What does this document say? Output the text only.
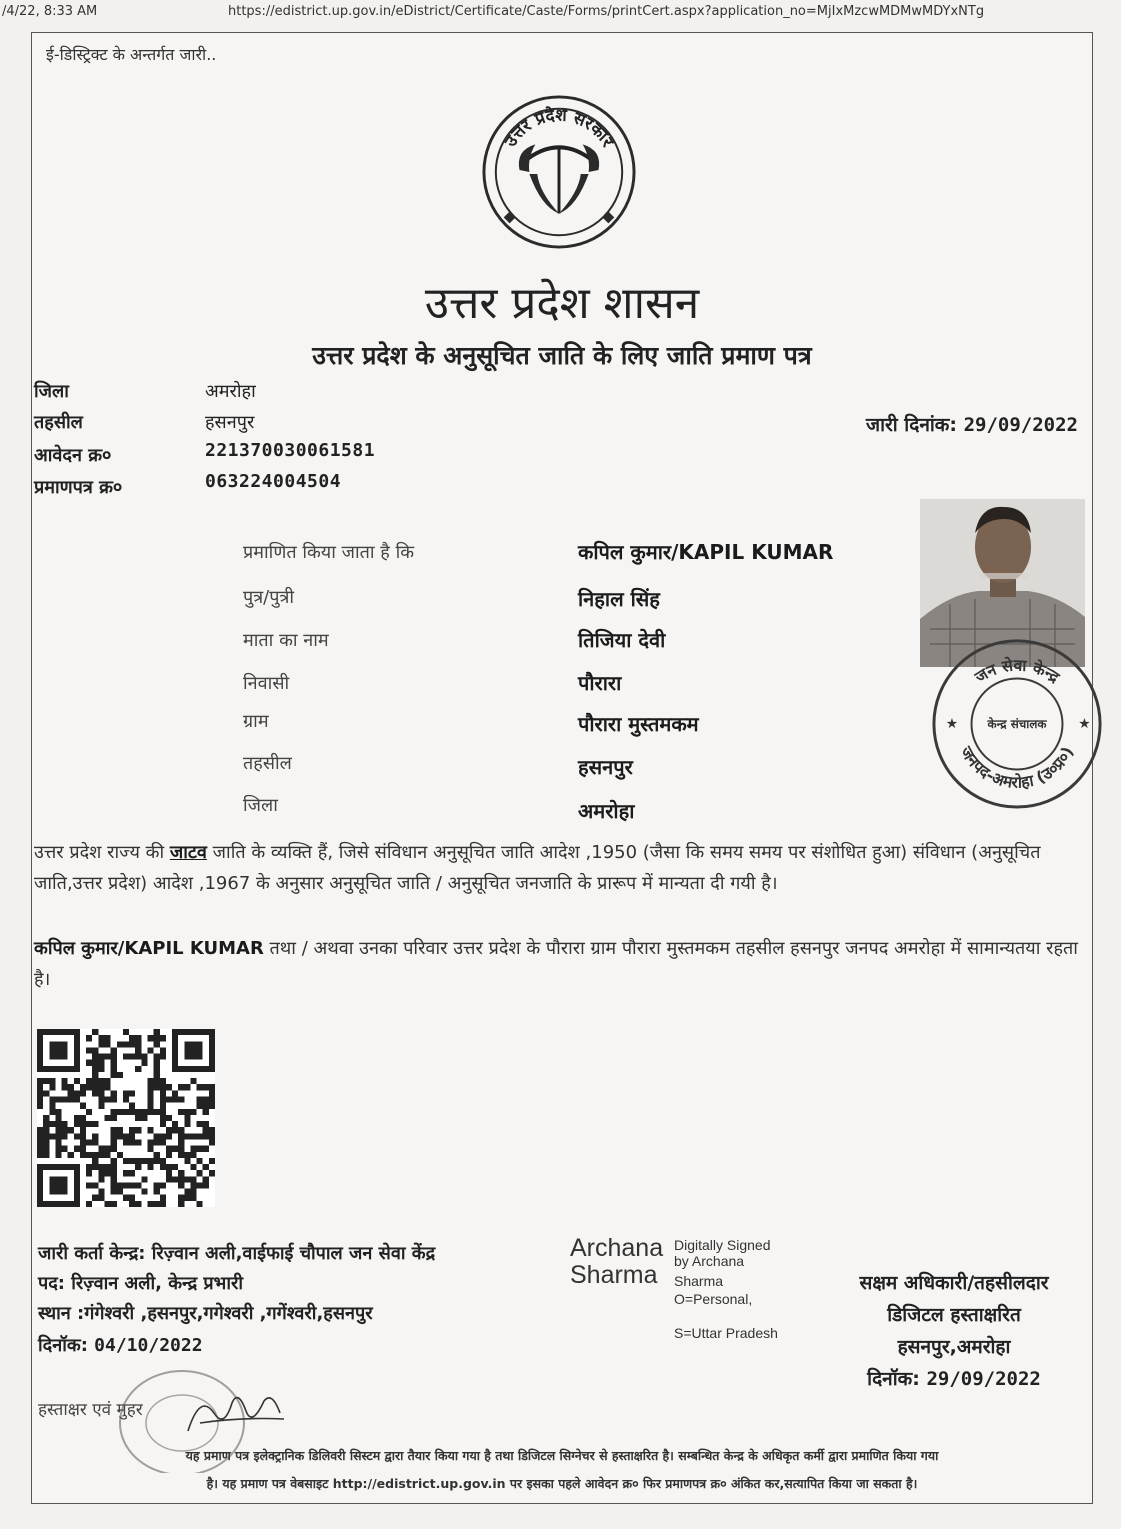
/4/22, 8:33 AM	https://edistrict.up.gov.in/eDistrict/Certificate/Caste/Forms/printCert.aspx?application_no=MjIxMzcwMDMwMDYxNTg
ई-डिस्ट्रिक्ट के अन्तर्गत जारी..
उत्तर प्रदेश सरकार
उत्तर प्रदेश शासन
उत्तर प्रदेश के अनुसूचित जाति के लिए जाति प्रमाण पत्र
जिला	अमरोहा
तहसील	हसनपुर
आवेदन क्र०	221370030061581
प्रमाणपत्र क्र०	063224004504
जारी दिनांक: 29/09/2022
जन सेवा केन्द्र
जनपद-अमरोहा (उ०प्र०)
केन्द्र संचालक
★	★
प्रमाणित किया जाता है कि	कपिल कुमार/KAPIL KUMAR
पुत्र/पुत्री	निहाल सिंह
माता का नाम	तिजिया देवी
निवासी	पौरारा
ग्राम	पौरारा मुस्तमकम
तहसील	हसनपुर
जिला	अमरोहा
उत्तर प्रदेश राज्य की जाटव जाति के व्यक्ति हैं, जिसे संविधान अनुसूचित जाति आदेश ,1950 (जैसा कि समय समय पर संशोधित हुआ) संविधान (अनुसूचित जाति,उत्तर प्रदेश) आदेश ,1967 के अनुसार अनुसूचित जाति / अनुसूचित जनजाति के प्रारूप में मान्यता दी गयी है।
कपिल कुमार/KAPIL KUMAR तथा / अथवा उनका परिवार उत्तर प्रदेश के पौरारा ग्राम पौरारा मुस्तमकम तहसील हसनपुर जनपद अमरोहा में सामान्यतया रहता है।
जारी कर्ता केन्द्र: रिज़्वान अली,वाईफाई चौपाल जन सेवा केंद्र
पद: रिज़्वान अली, केन्द्र प्रभारी
स्थान :गंगेश्वरी ,हसनपुर,गगेश्वरी ,गगेंश्वरी,हसनपुर
दिनॉक: 04/10/2022
हस्ताक्षर एवं मुहर
Archana
Sharma
Digitally Signed
by Archana
Sharma
O=Personal,
S=Uttar Pradesh
सक्षम अधिकारी/तहसीलदार
डिजिटल हस्ताक्षरित
हसनपुर,अमरोहा
दिनॉक: 29/09/2022
यह प्रमाण पत्र इलेक्ट्रानिक डिलिवरी सिस्टम द्वारा तैयार किया गया है तथा डिजिटल सिग्नेचर से हस्ताक्षरित है। सम्बन्धित केन्द्र के अधिकृत कर्मी द्वारा प्रमाणित किया गया
है। यह प्रमाण पत्र वेबसाइट http://edistrict.up.gov.in पर इसका पहले आवेदन क्र० फिर प्रमाणपत्र क्र० अंकित कर,सत्यापित किया जा सकता है।
